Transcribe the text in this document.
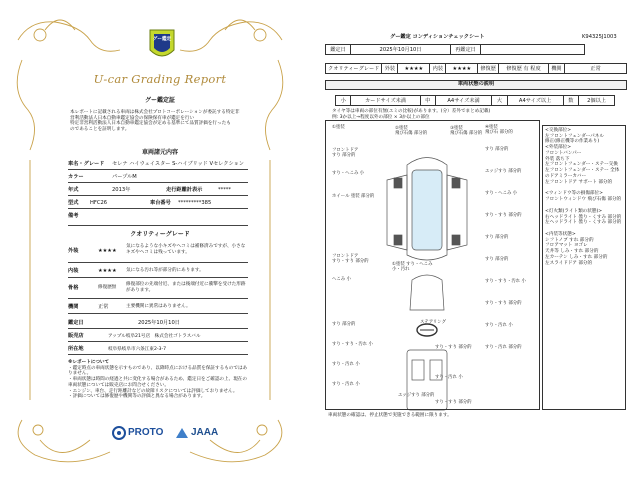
グー鑑定
U-car Grading Report
グー鑑定証
本レポートに記載される車両は株式会社プロトコーポレーションが委託する特定非
営利活動法人日本自動車鑑定協会の保険保有車が鑑定を行い
特定非営利活動法人日本自動車鑑定協会が定める基準にて品質評価を行ったも
のであることを証明します。
車両諸元内容
車名・グレード セレナ ハイウェイスター S-ハイブリッド Vセレクション
カラー	パープルM
年式	2013年	走行距離計表示	*****
型式 HFC26	車台番号 *********385
備考
クオリティーグレード
外装	★★★★
気になるような小キズやヘコミは補修済みですが、小さなキズやヘコミは残っています。
内装	★★★★ 気になる汚れ等が部分的にあります。
骨格	修復歴無
修復部位の先端付近、または後端付近に衝撃を受けた形跡があります。
機関	正常	主要機関に異常はありません。
鑑定日	2025年10月10日
販売店	アップル岐阜21号店　株式会社ゴトラスバル
所在地	岐阜県岐阜市六条江東2-3-7
※レポートについて
・鑑定時点の車両状態を示すものであり、以降時点における品質を保証するものではありません。
・車両状態は時間の経過と共に変化する場合があるため、鑑定日をご確認の上、現在の車両状態については販売店にお問合せください。
・エンジン、車台、走行距離計などの故障リスクについては評価しておりません。
・評価については修復歴や機関等の評価と異なる場合があります。
PROTO	JAAA
K94325J1003
グー鑑定 コンディションチェックシート
鑑定日	2025年10月10日	再鑑定日	
クオリティーグレード	外装	★★★★	内装	★★★★	修復歴	修復歴 有 程度	機関	正常
車両状態の説明
小	カードサイズ未満	中	A4サイズ未満	大	A4サイズ以上	数	2個以上
タイヤ等は車両の部位有無(ユミの比較)があります。(分）差外でまとめ記載)
例: 3か以上→程度以外の部位 × 3か以上の部位
①塗装
フロントドア
すり 部分的
すり・へこみ 小
ホイール 塗装 部分的
フロントドア
すり・すり 部分的
へこみ 小
すり 部分的
すり・すり・汚れ 小
すり・汚れ 小
すり・汚れ 小
②塗装
飛び石傷 部分的
③塗装
飛び石傷 部分的
①塗装 すり・へこみ
小・汚れ
エッジすり 部分的
ステアリング
すり・すり 部分的
すり・汚れ 小
すり・すり 部分的
④塗装
飛び石 部分的
すり 部分的
エッジすり 部分的
すり・へこみ 小
すり・すり 部分的
すり 部分的
すり 部分的
すり・すり・汚れ 小
すり・すり 部分的
すり・汚れ 小
すり・汚れ 部分的
<交換部位>
左フロントフェンダーパネル
修正(修正機等の作業あり)
<外装部位>
フロントバンパー
外装 落ち下
左フロントフェンダー・ステー交換
左フロントフェンダー・ステー 全体のドアミラーカバー
左フロントドア サポート 部分的
<ウィンドウ等の損傷部位>
フロントウィンドウ 飛び石傷 部分的
<灯火類(ライト類の状態)>
右ヘッドライト 曇り・くすみ 部分的
左ヘッドライト 曇り・くすみ 部分的
<内装等状態>
シフトノブ すれ 部分的
フロアマット ヨゴレ
天井等 しみ・すれ 部分的
左カーテン しみ・すれ 部分的
左スライドドア 部分的
車両状態の確認は、停止状態で実施できる範囲に限ります。
